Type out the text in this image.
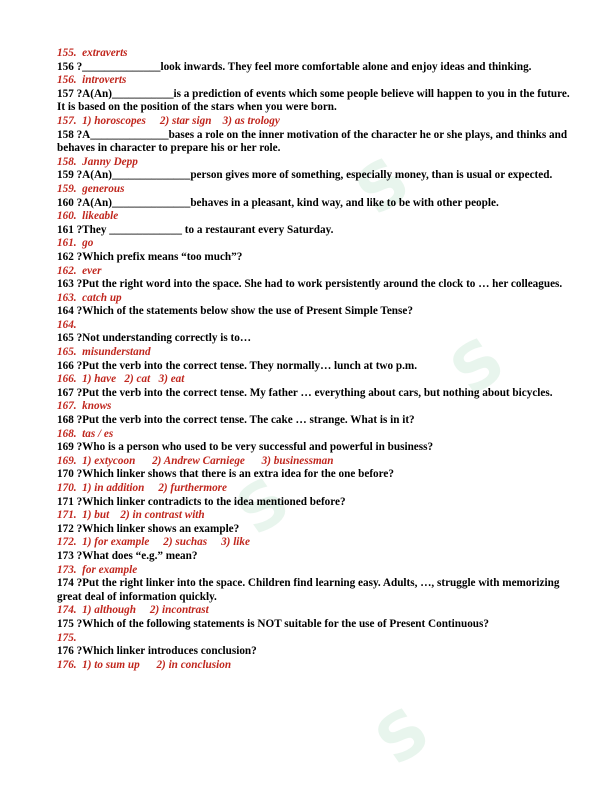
S
S
S
S
155.  extraverts
156 ?______________look inwards. They feel more comfortable alone and enjoy ideas and thinking.
156.  introverts
157 ?A(An)___________is a prediction of events which some people believe will happen to you in the future. It is based on the position of the stars when you were born.
157.  1) horoscopes     2) star sign    3) as trology
158 ?A______________bases a role on the inner motivation of the character he or she plays, and thinks and behaves in character to prepare his or her role.
158.  Janny Depp
159 ?A(An)______________person gives more of something, especially money, than is usual or expected.
159.  generous
160 ?A(An)______________behaves in a pleasant, kind way, and like to be with other people.
160.  likeable
161 ?They _____________ to a restaurant every Saturday.
161.  go
162 ?Which prefix means “too much”?
162.  ever
163 ?Put the right word into the space. She had to work persistently around the clock to … her colleagues.
163.  catch up
164 ?Which of the statements below show the use of Present Simple Tense?
164.
165 ?Not understanding correctly is to…
165.  misunderstand
166 ?Put the verb into the correct tense. They normally… lunch at two p.m.
166.  1) have   2) cat   3) eat
167 ?Put the verb into the correct tense. My father … everything about cars, but nothing about bicycles.
167.  knows
168 ?Put the verb into the correct tense. The cake … strange. What is in it?
168.  tas / es
169 ?Who is a person who used to be very successful and powerful in business?
169.  1) extycoon      2) Andrew Carniege      3) businessman
170 ?Which linker shows that there is an extra idea for the one before?
170.  1) in addition     2) furthermore
171 ?Which linker contradicts to the idea mentioned before?
171.  1) but    2) in contrast with
172 ?Which linker shows an example?
172.  1) for example     2) suchas     3) like
173 ?What does “e.g.” mean?
173.  for example
174 ?Put the right linker into the space. Children find learning easy. Adults, …, struggle with memorizing great deal of information quickly.
174.  1) although     2) incontrast
175 ?Which of the following statements is NOT suitable for the use of Present Continuous?
175.
176 ?Which linker introduces conclusion?
176.  1) to sum up      2) in conclusion
